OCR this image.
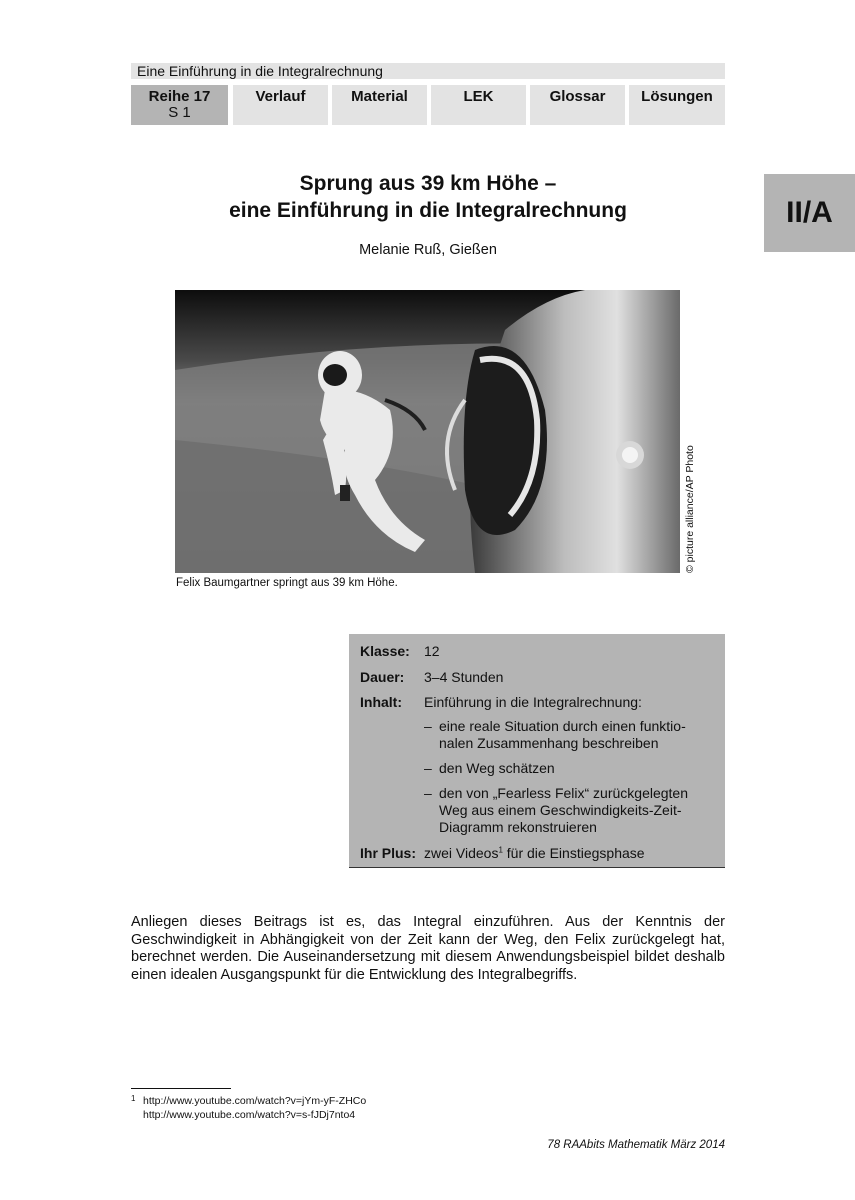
Eine Einführung in die Integralrechnung
Reihe 17
S 1
Verlauf	Material	LEK	Glossar	Lösungen
II/A
Sprung aus 39 km Höhe –
eine Einführung in die Integralrechnung
Melanie Ruß, Gießen
© picture alliance/AP Photo
Felix Baumgartner springt aus 39 km Höhe.
Klasse: 12
Dauer: 3–4 Stunden
Inhalt: Einführung in die Integralrechnung:
– eine reale Situation durch einen funktionalen Zusammenhang beschreiben
– den Weg schätzen
– den von „Fearless Felix“ zurückgelegten Weg aus einem Geschwindigkeits-Zeit-Diagramm rekonstruieren
Ihr Plus: zwei Videos$^1$ für die Einstiegsphase
Anliegen dieses Beitrags ist es, das Integral einzuführen. Aus der Kenntnis der Geschwindigkeit in Abhängigkeit von der Zeit kann der Weg, den Felix zurückgelegt hat, berechnet werden. Die Auseinandersetzung mit diesem Anwendungsbeispiel bildet deshalb einen idealen Ausgangspunkt für die Entwicklung des Integralbegriffs.
1 http://www.youtube.com/watch?v=jYm-yF-ZHCo
http://www.youtube.com/watch?v=s-fJDj7nto4
78 RAAbits Mathematik März 2014
